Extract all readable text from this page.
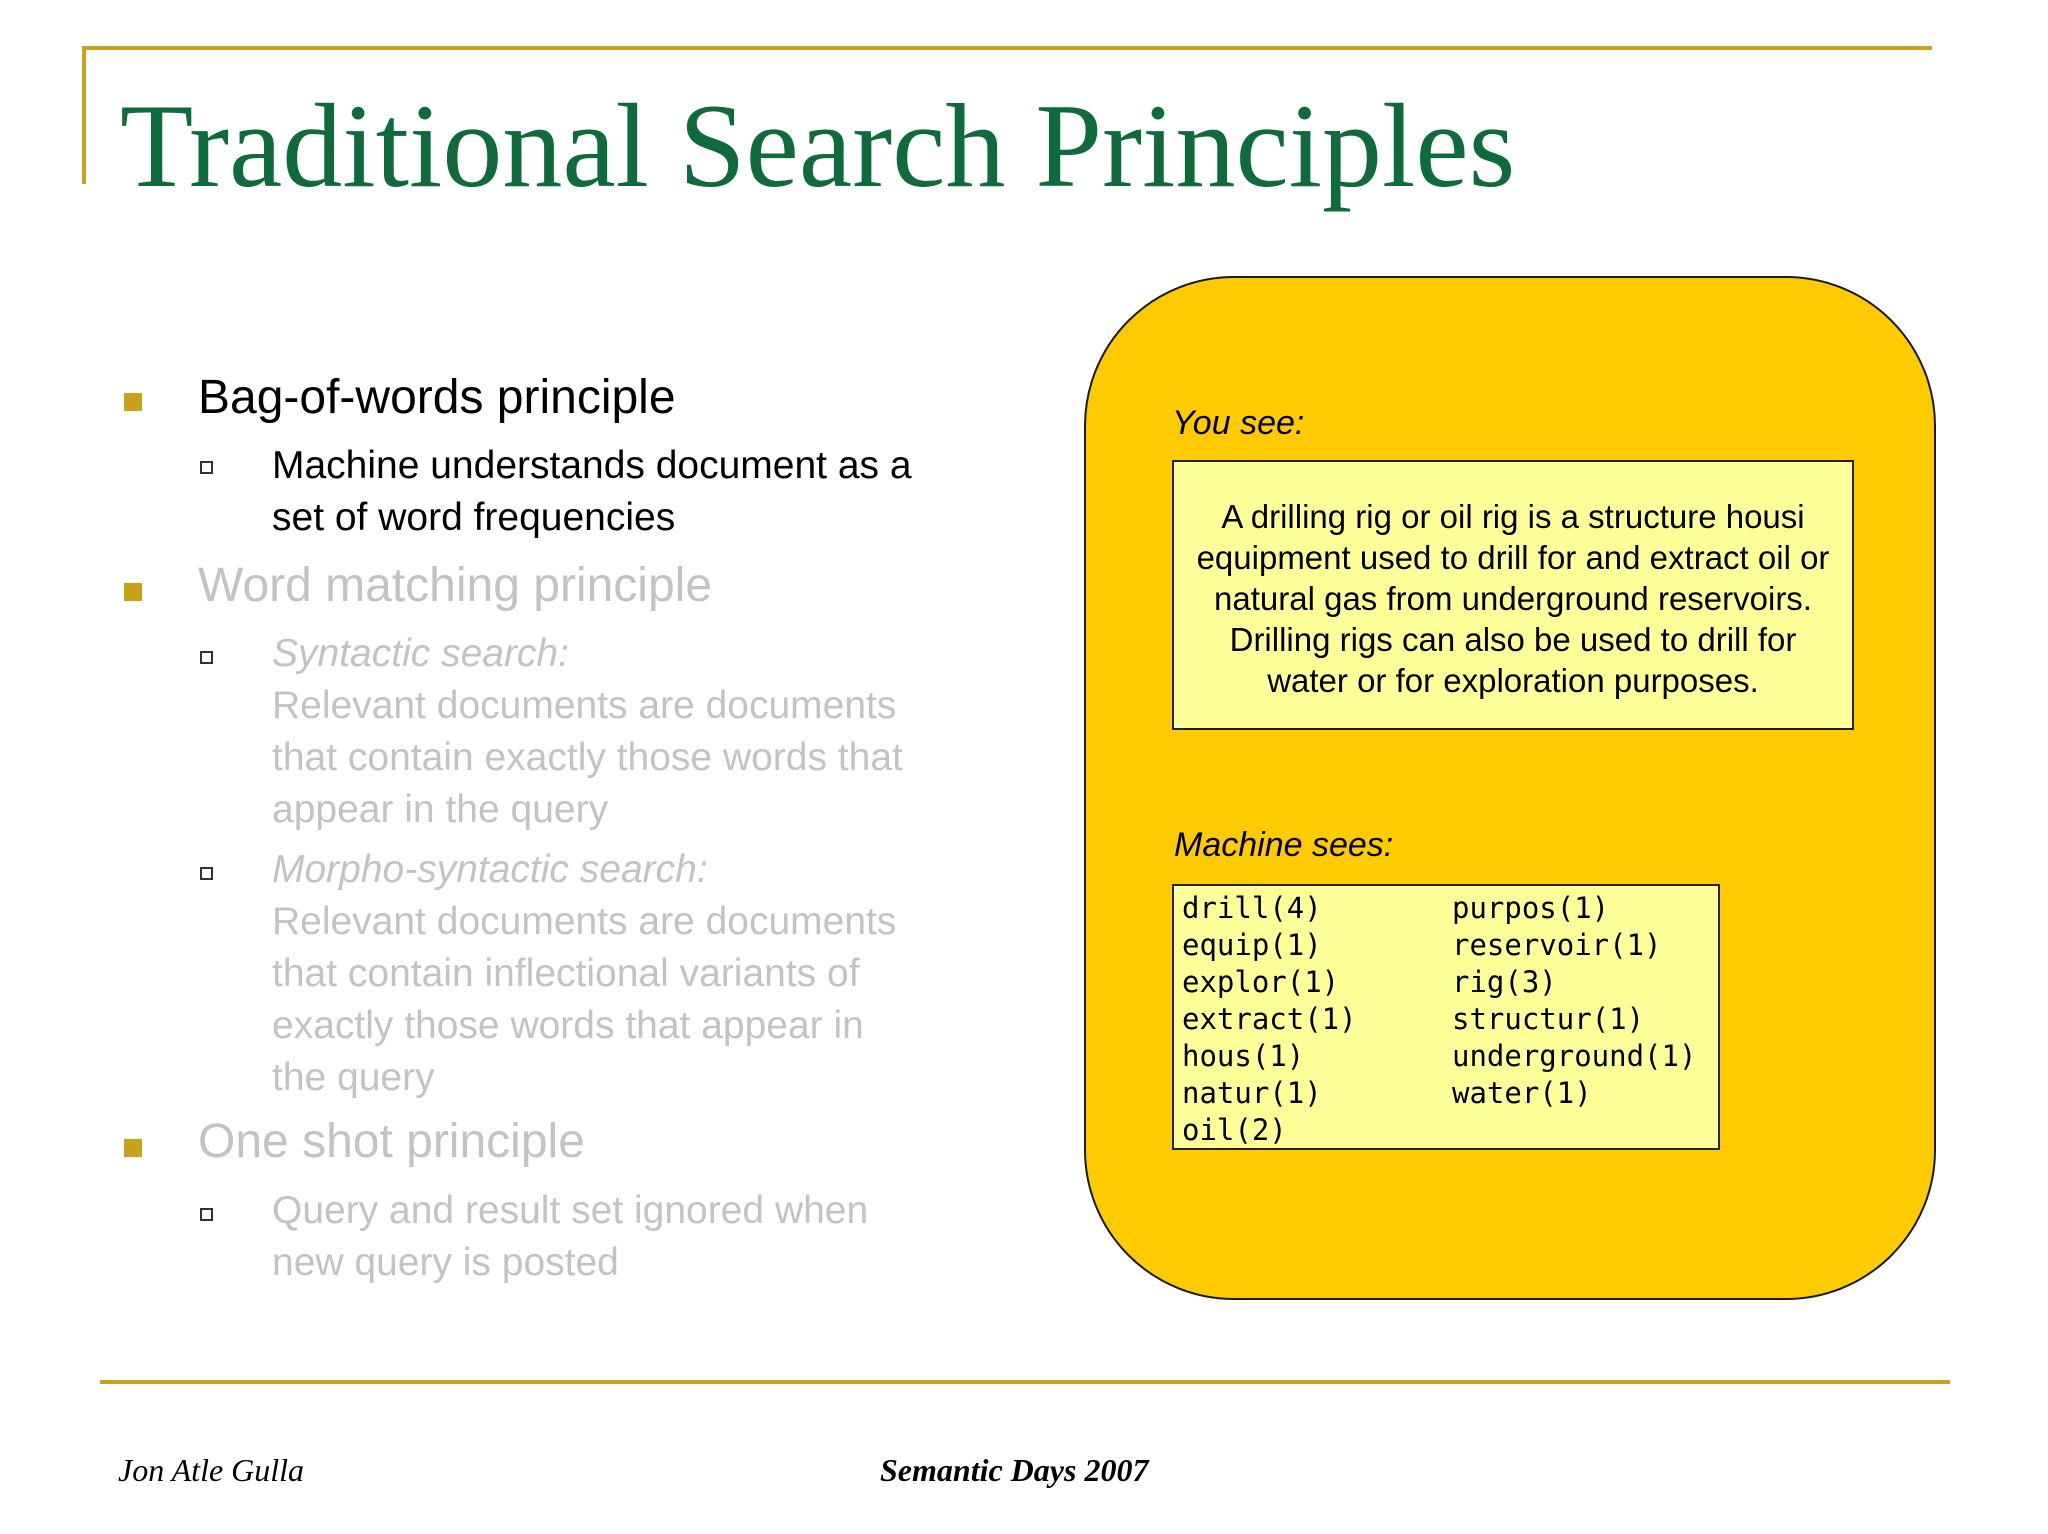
Traditional Search Principles
Bag-of-words principle
Machine understands document as a
set of word frequencies
Word matching principle
Syntactic search:
Relevant documents are documents
that contain exactly those words that
appear in the query
Morpho-syntactic search:
Relevant documents are documents
that contain inflectional variants of
exactly those words that appear in
the query
One shot principle
Query and result set ignored when
new query is posted
You see:
A drilling rig or oil rig is a structure housi
equipment used to drill for and extract oil or
natural gas from underground reservoirs.
Drilling rigs can also be used to drill for
water or for exploration purposes.
Machine sees:
drill(4)
equip(1)
explor(1)
extract(1)
hous(1)
natur(1)
oil(2)
purpos(1)
reservoir(1)
rig(3)
structur(1)
underground(1)
water(1)
Jon Atle Gulla	Semantic Days 2007
